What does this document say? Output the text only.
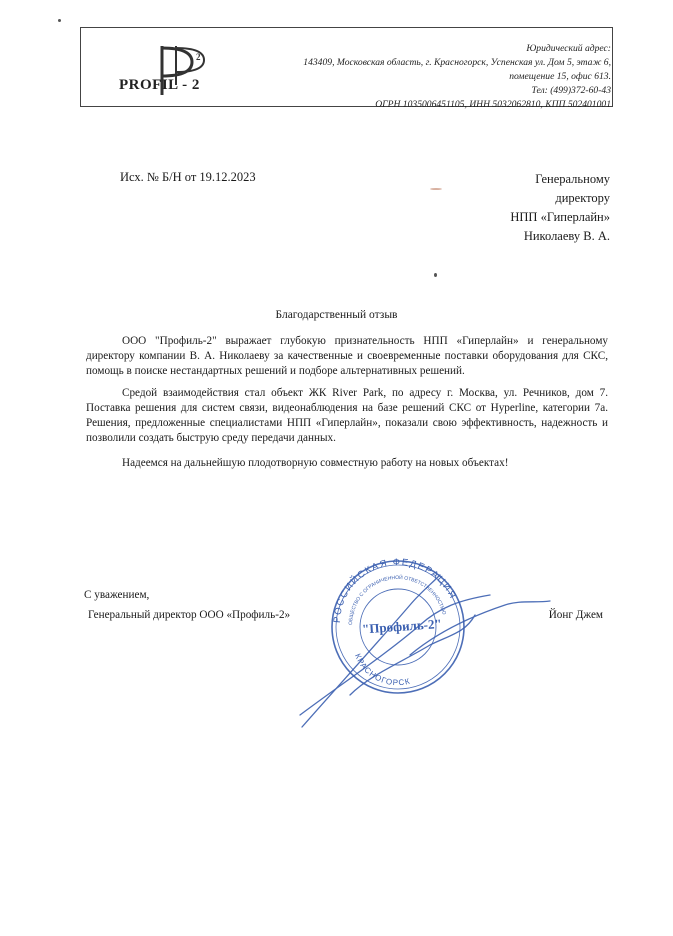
2
PROFIL - 2
Юридический адрес:
143409, Московская область, г. Красногорск, Успенская ул. Дом 5, этаж 6,
помещение 15, офис 613.
Тел: (499)372-60-43
ОГРН 1035006451105, ИНН 5032062810, КПП 502401001
Исх. № Б/Н от 19.12.2023	Генеральному
директору
НПП «Гиперлайн»
Николаеву В. А.
Благодарственный отзыв

ООО "Профиль-2" выражает глубокую признательность НПП «Гиперлайн» и генеральному директору компании В. А. Николаеву за качественные и своевременные поставки оборудования для СКС, помощь в поиске нестандартных решений и подборе альтернативных решений.

Средой взаимодействия стал объект ЖК River Park, по адресу г. Москва, ул. Речников, дом 7. Поставка решения для систем связи, видеонаблюдения на базе решений СКС от Hyperline, категории 7а. Решения, предложенные специалистами НПП «Гиперлайн», показали свою эффективность, надежность и позволили создать быструю среду передачи данных.

Надеемся на дальнейшую плодотворную совместную работу на новых объектах!

С уважением,
Генеральный директор ООО «Профиль-2»	Йонг Джем
РОССИЙСКАЯ ФЕДЕРАЦИЯ
ОБЩЕСТВО С ОГРАНИЧЕННОЙ ОТВЕТСТВЕННОСТЬЮ
КРАСНОГОРСК
"Профиль-2"
